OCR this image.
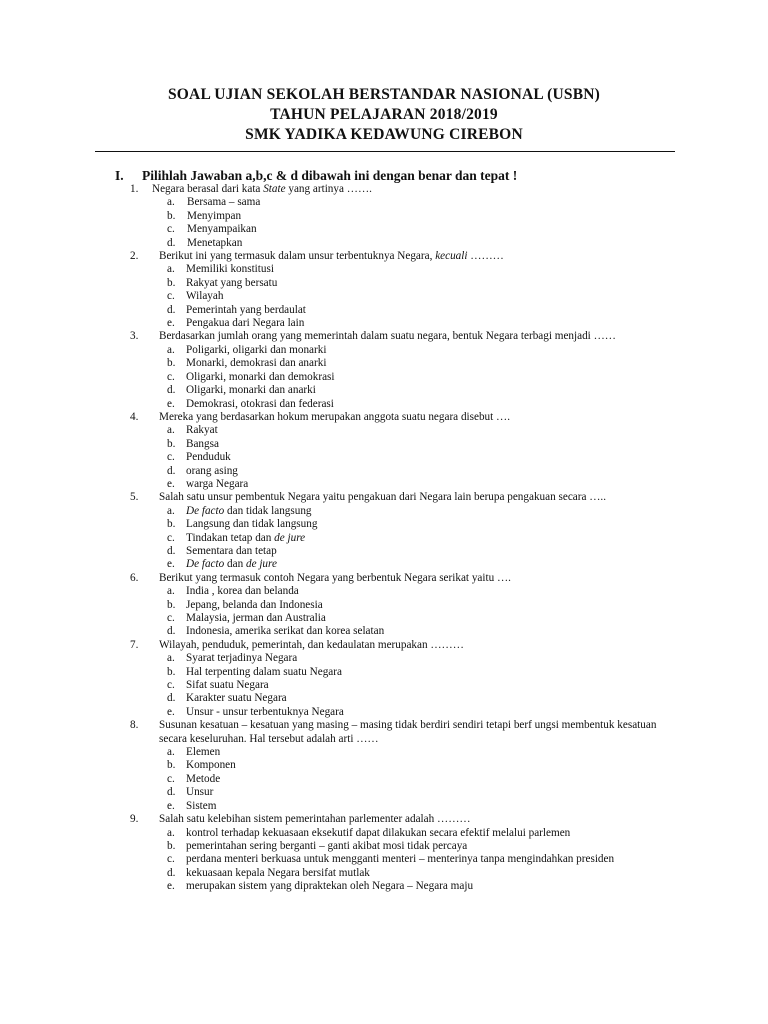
SOAL UJIAN SEKOLAH BERSTANDAR NASIONAL (USBN)
TAHUN PELAJARAN 2018/2019
SMK YADIKA KEDAWUNG CIREBON
I. Pilihlah Jawaban a,b,c & d dibawah ini dengan benar dan tepat !
1.	Negara berasal dari kata State yang artinya …….
a. Bersama – sama
b. Menyimpan
c. Menyampaikan
d. Menetapkan
2.	Berikut ini yang termasuk dalam unsur terbentuknya Negara, kecuali ………
a. Memiliki konstitusi
b. Rakyat yang bersatu
c. Wilayah
d. Pemerintah yang berdaulat
e. Pengakua dari Negara lain
3.	Berdasarkan jumlah orang yang memerintah dalam suatu negara, bentuk Negara terbagi menjadi ……
a. Poligarki, oligarki dan monarki
b. Monarki, demokrasi dan anarki
c. Oligarki, monarki dan demokrasi
d. Oligarki, monarki dan anarki
e. Demokrasi, otokrasi dan federasi
4.	Mereka yang berdasarkan hokum merupakan anggota suatu negara disebut ….
a. Rakyat
b. Bangsa
c. Penduduk
d. orang asing
e. warga Negara
5.	Salah satu unsur pembentuk Negara yaitu pengakuan dari Negara lain berupa pengakuan secara …..
a. De facto dan tidak langsung
b. Langsung dan tidak langsung
c. Tindakan tetap dan de jure
d. Sementara dan tetap
e. De facto dan de jure
6.	Berikut yang termasuk contoh Negara yang berbentuk Negara serikat yaitu ….
a. India , korea dan belanda
b. Jepang, belanda dan Indonesia
c. Malaysia, jerman dan Australia
d. Indonesia, amerika serikat dan korea selatan
7.	Wilayah, penduduk, pemerintah, dan kedaulatan merupakan ………
a. Syarat terjadinya Negara
b. Hal terpenting dalam suatu Negara
c. Sifat suatu Negara
d. Karakter suatu Negara
e. Unsur - unsur terbentuknya Negara
8.	Susunan kesatuan – kesatuan yang masing – masing tidak berdiri sendiri tetapi berf ungsi membentuk kesatuan secara keseluruhan. Hal tersebut adalah arti ……
a. Elemen
b. Komponen
c. Metode
d. Unsur
e. Sistem
9.	Salah satu kelebihan sistem pemerintahan parlementer adalah ………
a. kontrol terhadap kekuasaan eksekutif dapat dilakukan secara efektif melalui parlemen
b. pemerintahan sering berganti – ganti akibat mosi tidak percaya
c. perdana menteri berkuasa untuk mengganti menteri – menterinya tanpa mengindahkan presiden
d. kekuasaan kepala Negara bersifat mutlak
e. merupakan sistem yang dipraktekan oleh Negara – Negara maju
